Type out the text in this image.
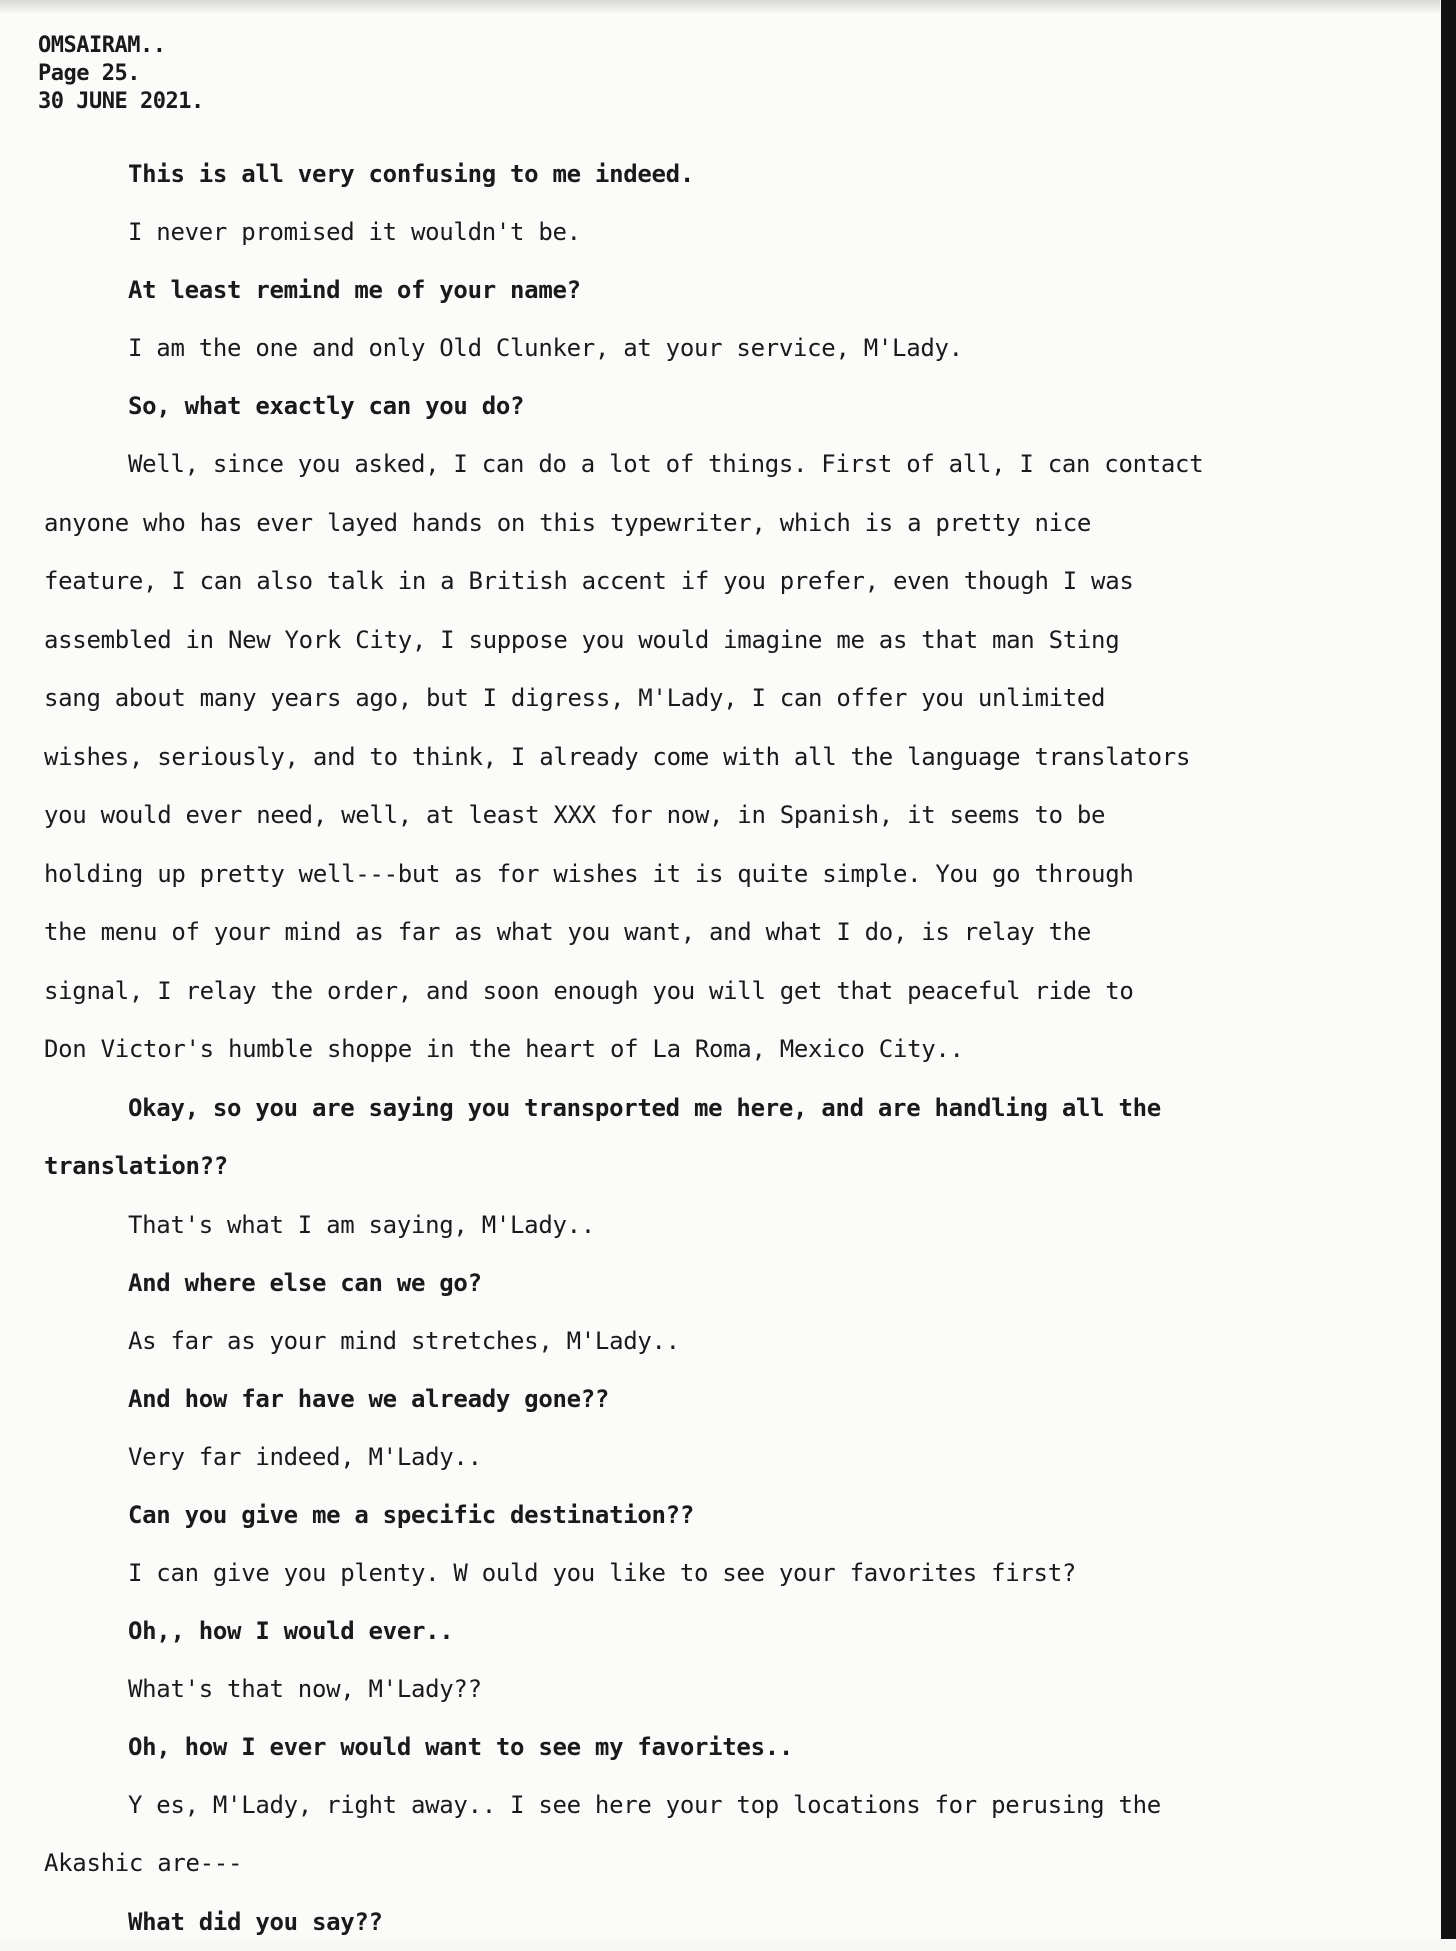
OMSAIRAM..
Page 25.
30 JUNE 2021.

This is all very confusing to me indeed.

I never promised it wouldn't be.

At least remind me of your name?

I am the one and only Old Clunker, at your service, M'Lady.

So, what exactly can you do?

Well, since you asked, I can do a lot of things. First of all, I can contact
anyone who has ever layed hands on this typewriter, which is a pretty nice
feature, I can also talk in a British accent if you prefer, even though I was
assembled in New York City, I suppose you would imagine me as that man Sting
sang about many years ago, but I digress, M'Lady, I can offer you unlimited
wishes, seriously, and to think, I already come with all the language translators
you would ever need, well, at least XXX for now, in Spanish, it seems to be
holding up pretty well---but as for wishes it is quite simple. You go through
the menu of your mind as far as what you want, and what I do, is relay the
signal, I relay the order, and soon enough you will get that peaceful ride to
Don Victor's humble shoppe in the heart of La Roma, Mexico City..
Okay, so you are saying you transported me here, and are handling all the
translation??

That's what I am saying, M'Lady..

And where else can we go?

As far as your mind stretches, M'Lady..

And how far have we already gone??

Very far indeed, M'Lady..

Can you give me a specific destination??

I can give you plenty. W ould you like to see your favorites first?

Oh,, how I would ever..

What's that now, M'Lady??

Oh, how I ever would want to see my favorites..

Y es, M'Lady, right away.. I see here your top locations for perusing the
Akashic are---

What did you say??
